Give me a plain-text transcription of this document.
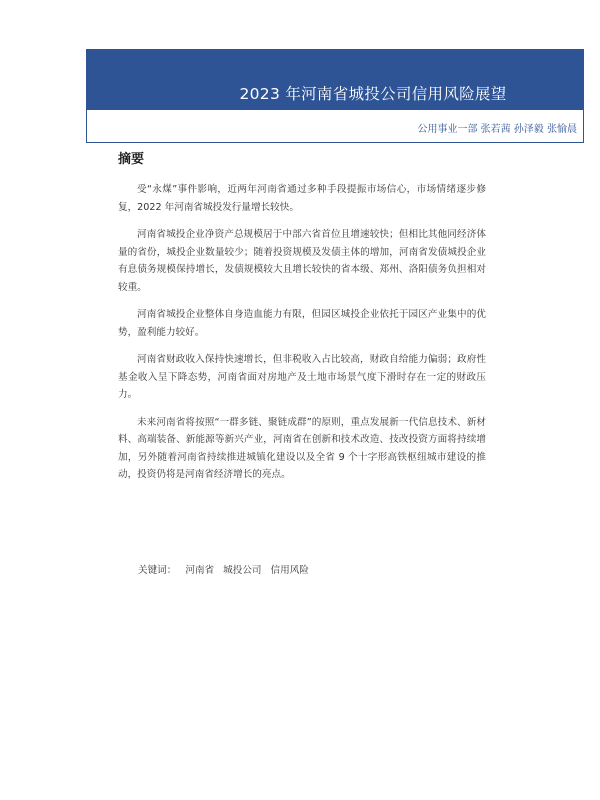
2023 年河南省城投公司信用风险展望
公用事业一部 张若茜 孙泽毅 张愉晨
摘要

受“永煤”事件影响，近两年河南省通过多种手段提振市场信心，市场情绪逐步修复，2022 年河南省城投发行量增长较快。

河南省城投企业净资产总规模居于中部六省首位且增速较快；但相比其他同经济体量的省份，城投企业数量较少；随着投资规模及发债主体的增加，河南省发债城投企业有息债务规模保持增长，发债规模较大且增长较快的省本级、郑州、洛阳债务负担相对较重。

河南省城投企业整体自身造血能力有限，但园区城投企业依托于园区产业集中的优势，盈利能力较好。

河南省财政收入保持快速增长，但非税收入占比较高，财政自给能力偏弱；政府性基金收入呈下降态势，河南省面对房地产及土地市场景气度下滑时存在一定的财政压力。

未来河南省将按照“一群多链、聚链成群”的原则，重点发展新一代信息技术、新材料、高端装备、新能源等新兴产业，河南省在创新和技术改造、技改投资方面将持续增加，另外随着河南省持续推进城镇化建设以及全省 9 个十字形高铁枢纽城市建设的推动，投资仍将是河南省经济增长的亮点。

关键词： 河南省 城投公司 信用风险
